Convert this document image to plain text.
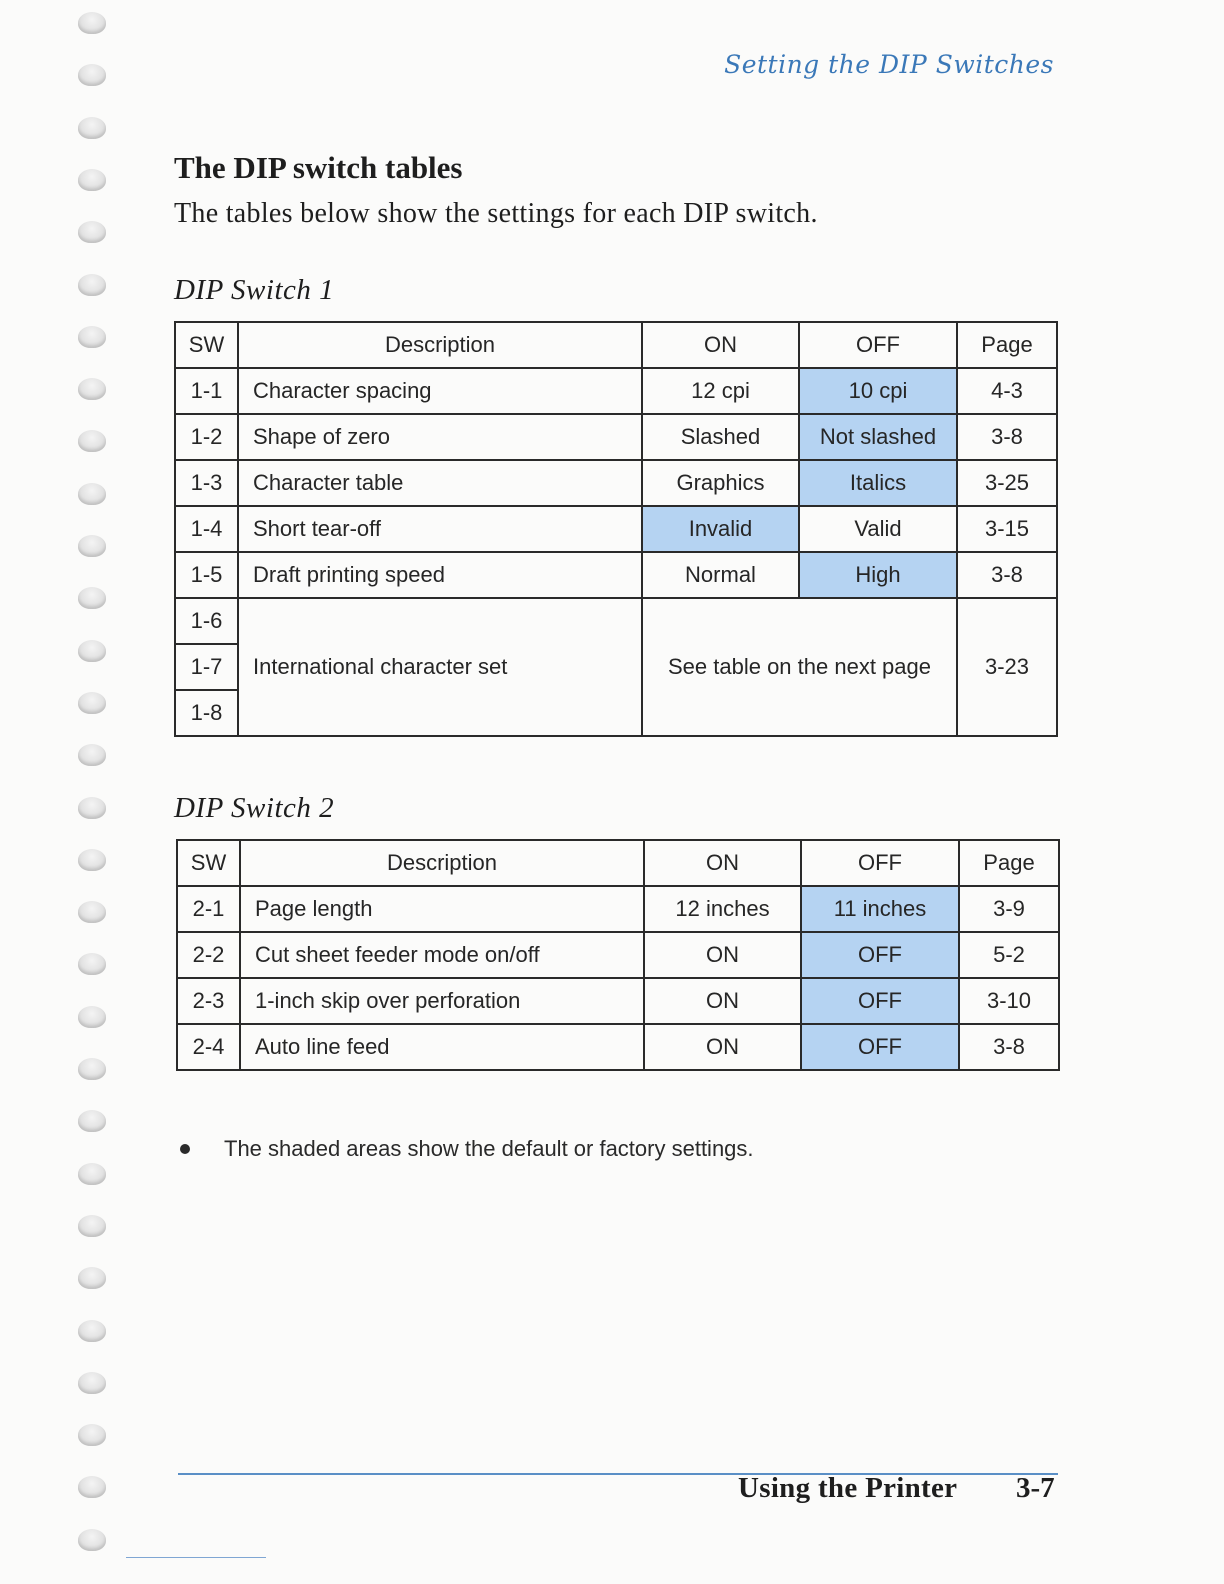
Setting the DIP Switches
The DIP switch tables
The tables below show the settings for each DIP switch.
DIP Switch 1
SW	Description	ON	OFF	Page
1-1	Character spacing	12 cpi	10 cpi	4-3
1-2	Shape of zero	Slashed	Not slashed	3-8
1-3	Character table	Graphics	Italics	3-25
1-4	Short tear-off	Invalid	Valid	3-15
1-5	Draft printing speed	Normal	High	3-8
1-6	International character set	See table on the next page		3-23
1-7				
1-8				
DIP Switch 2
SW	Description	ON	OFF	Page
2-1	Page length	12 inches	11 inches	3-9
2-2	Cut sheet feeder mode on/off	ON	OFF	5-2
2-3	1-inch skip over perforation	ON	OFF	3-10
2-4	Auto line feed	ON	OFF	3-8
The shaded areas show the default or factory settings.
Using the Printer 3-7
